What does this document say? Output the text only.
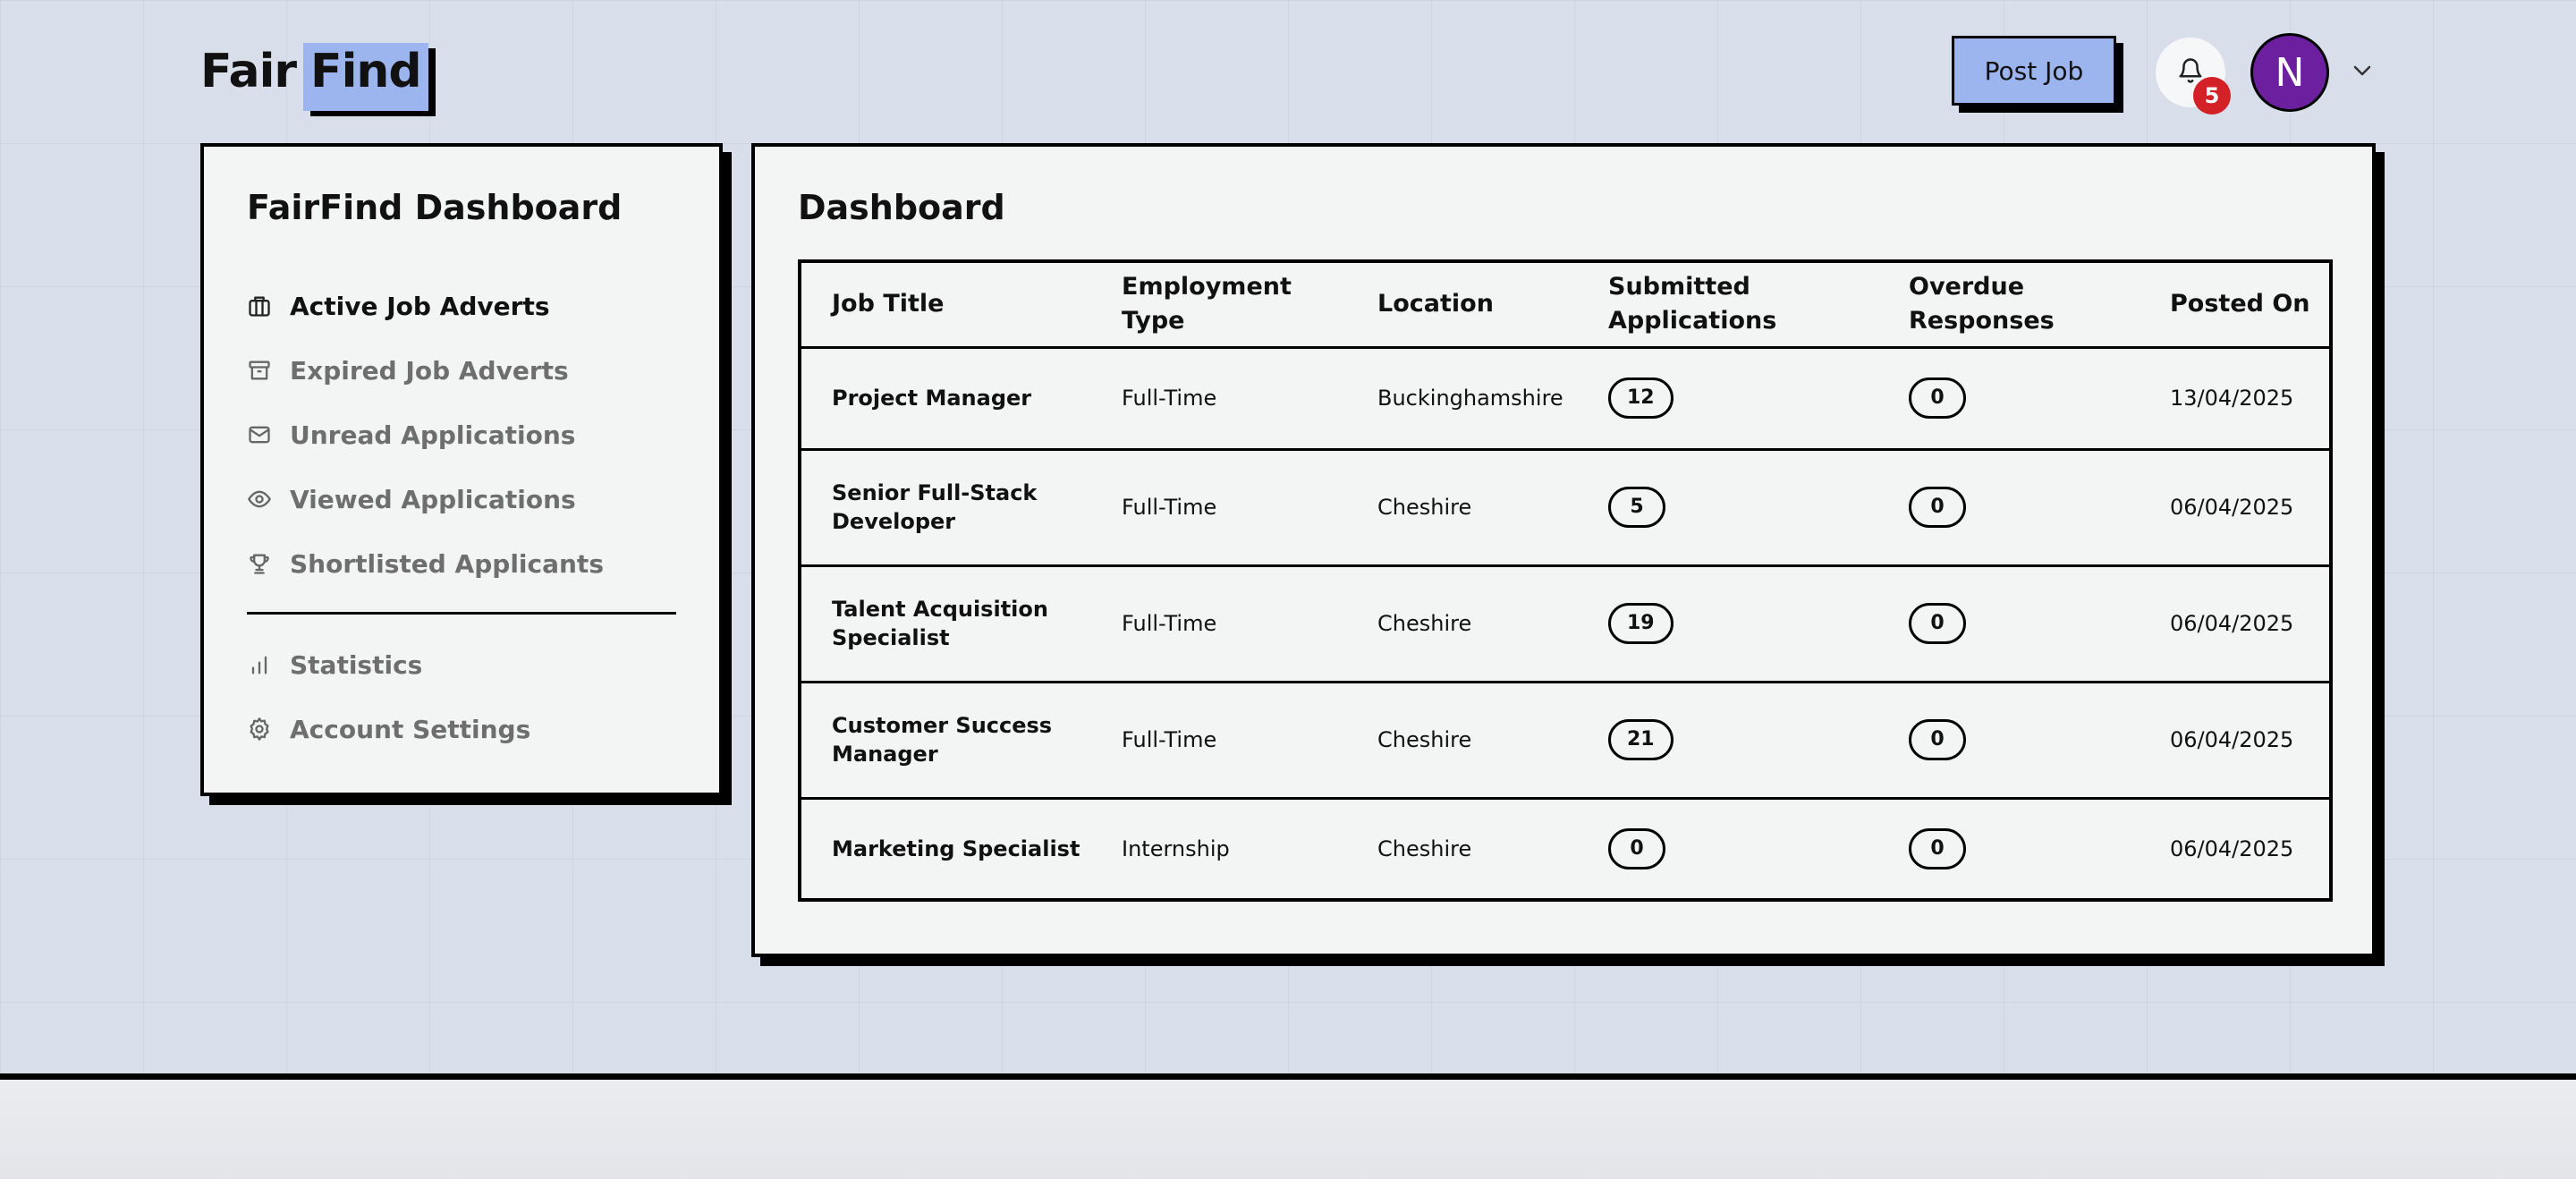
Fair Find	Post Job
5
N
FairFind Dashboard
Active Job Adverts
Expired Job Adverts
Unread Applications
Viewed Applications
Shortlisted Applicants
Statistics
Account Settings
Dashboard
Job Title	Employment Type	Location	Submitted Applications	Overdue Responses	Posted On
Project Manager	Full-Time	Buckinghamshire	12	0	13/04/2025
Senior Full-Stack Developer	Full-Time	Cheshire	5	0	06/04/2025
Talent Acquisition Specialist	Full-Time	Cheshire	19	0	06/04/2025
Customer Success Manager	Full-Time	Cheshire	21	0	06/04/2025
Marketing Specialist	Internship	Cheshire	0	0	06/04/2025
